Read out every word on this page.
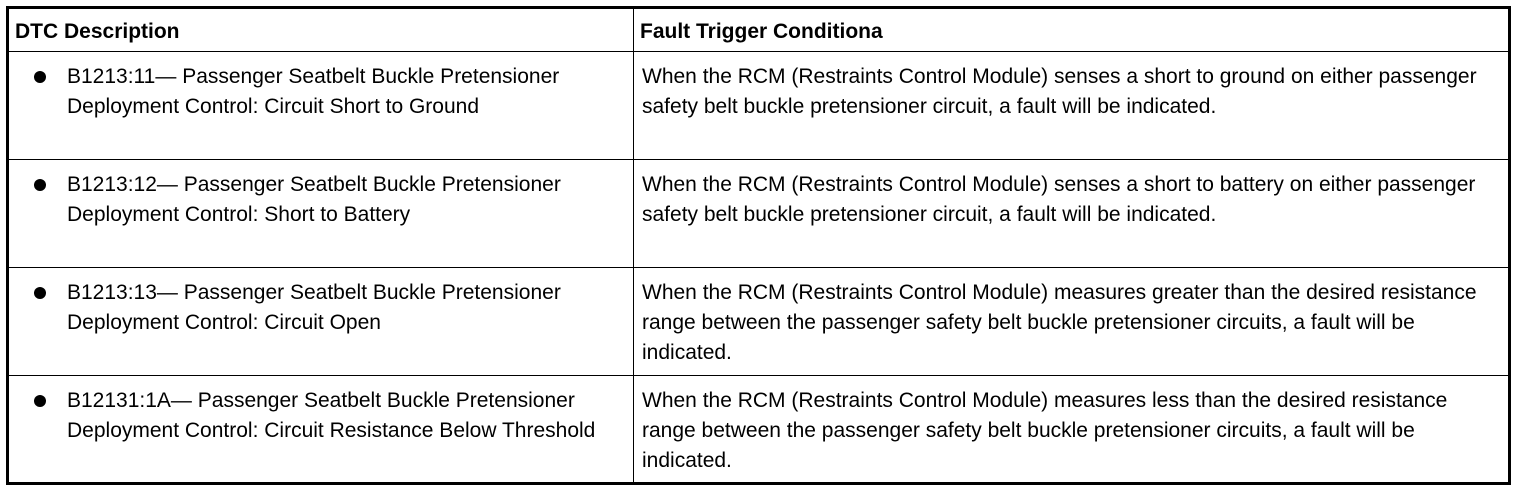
DTC Description	Fault Trigger Conditiona

B1213:11— Passenger Seatbelt Buckle Pretensioner Deployment Control: Circuit Short to Ground	When the RCM (Restraints Control Module) senses a short to ground on either passenger safety belt buckle pretensioner circuit, a fault will be indicated.

B1213:12— Passenger Seatbelt Buckle Pretensioner Deployment Control: Short to Battery	When the RCM (Restraints Control Module) senses a short to battery on either passenger safety belt buckle pretensioner circuit, a fault will be indicated.

B1213:13— Passenger Seatbelt Buckle Pretensioner Deployment Control: Circuit Open	When the RCM (Restraints Control Module) measures greater than the desired resistance range between the passenger safety belt buckle pretensioner circuits, a fault will be indicated.

B12131:1A— Passenger Seatbelt Buckle Pretensioner Deployment Control: Circuit Resistance Below Threshold	When the RCM (Restraints Control Module) measures less than the desired resistance range between the passenger safety belt buckle pretensioner circuits, a fault will be indicated.
